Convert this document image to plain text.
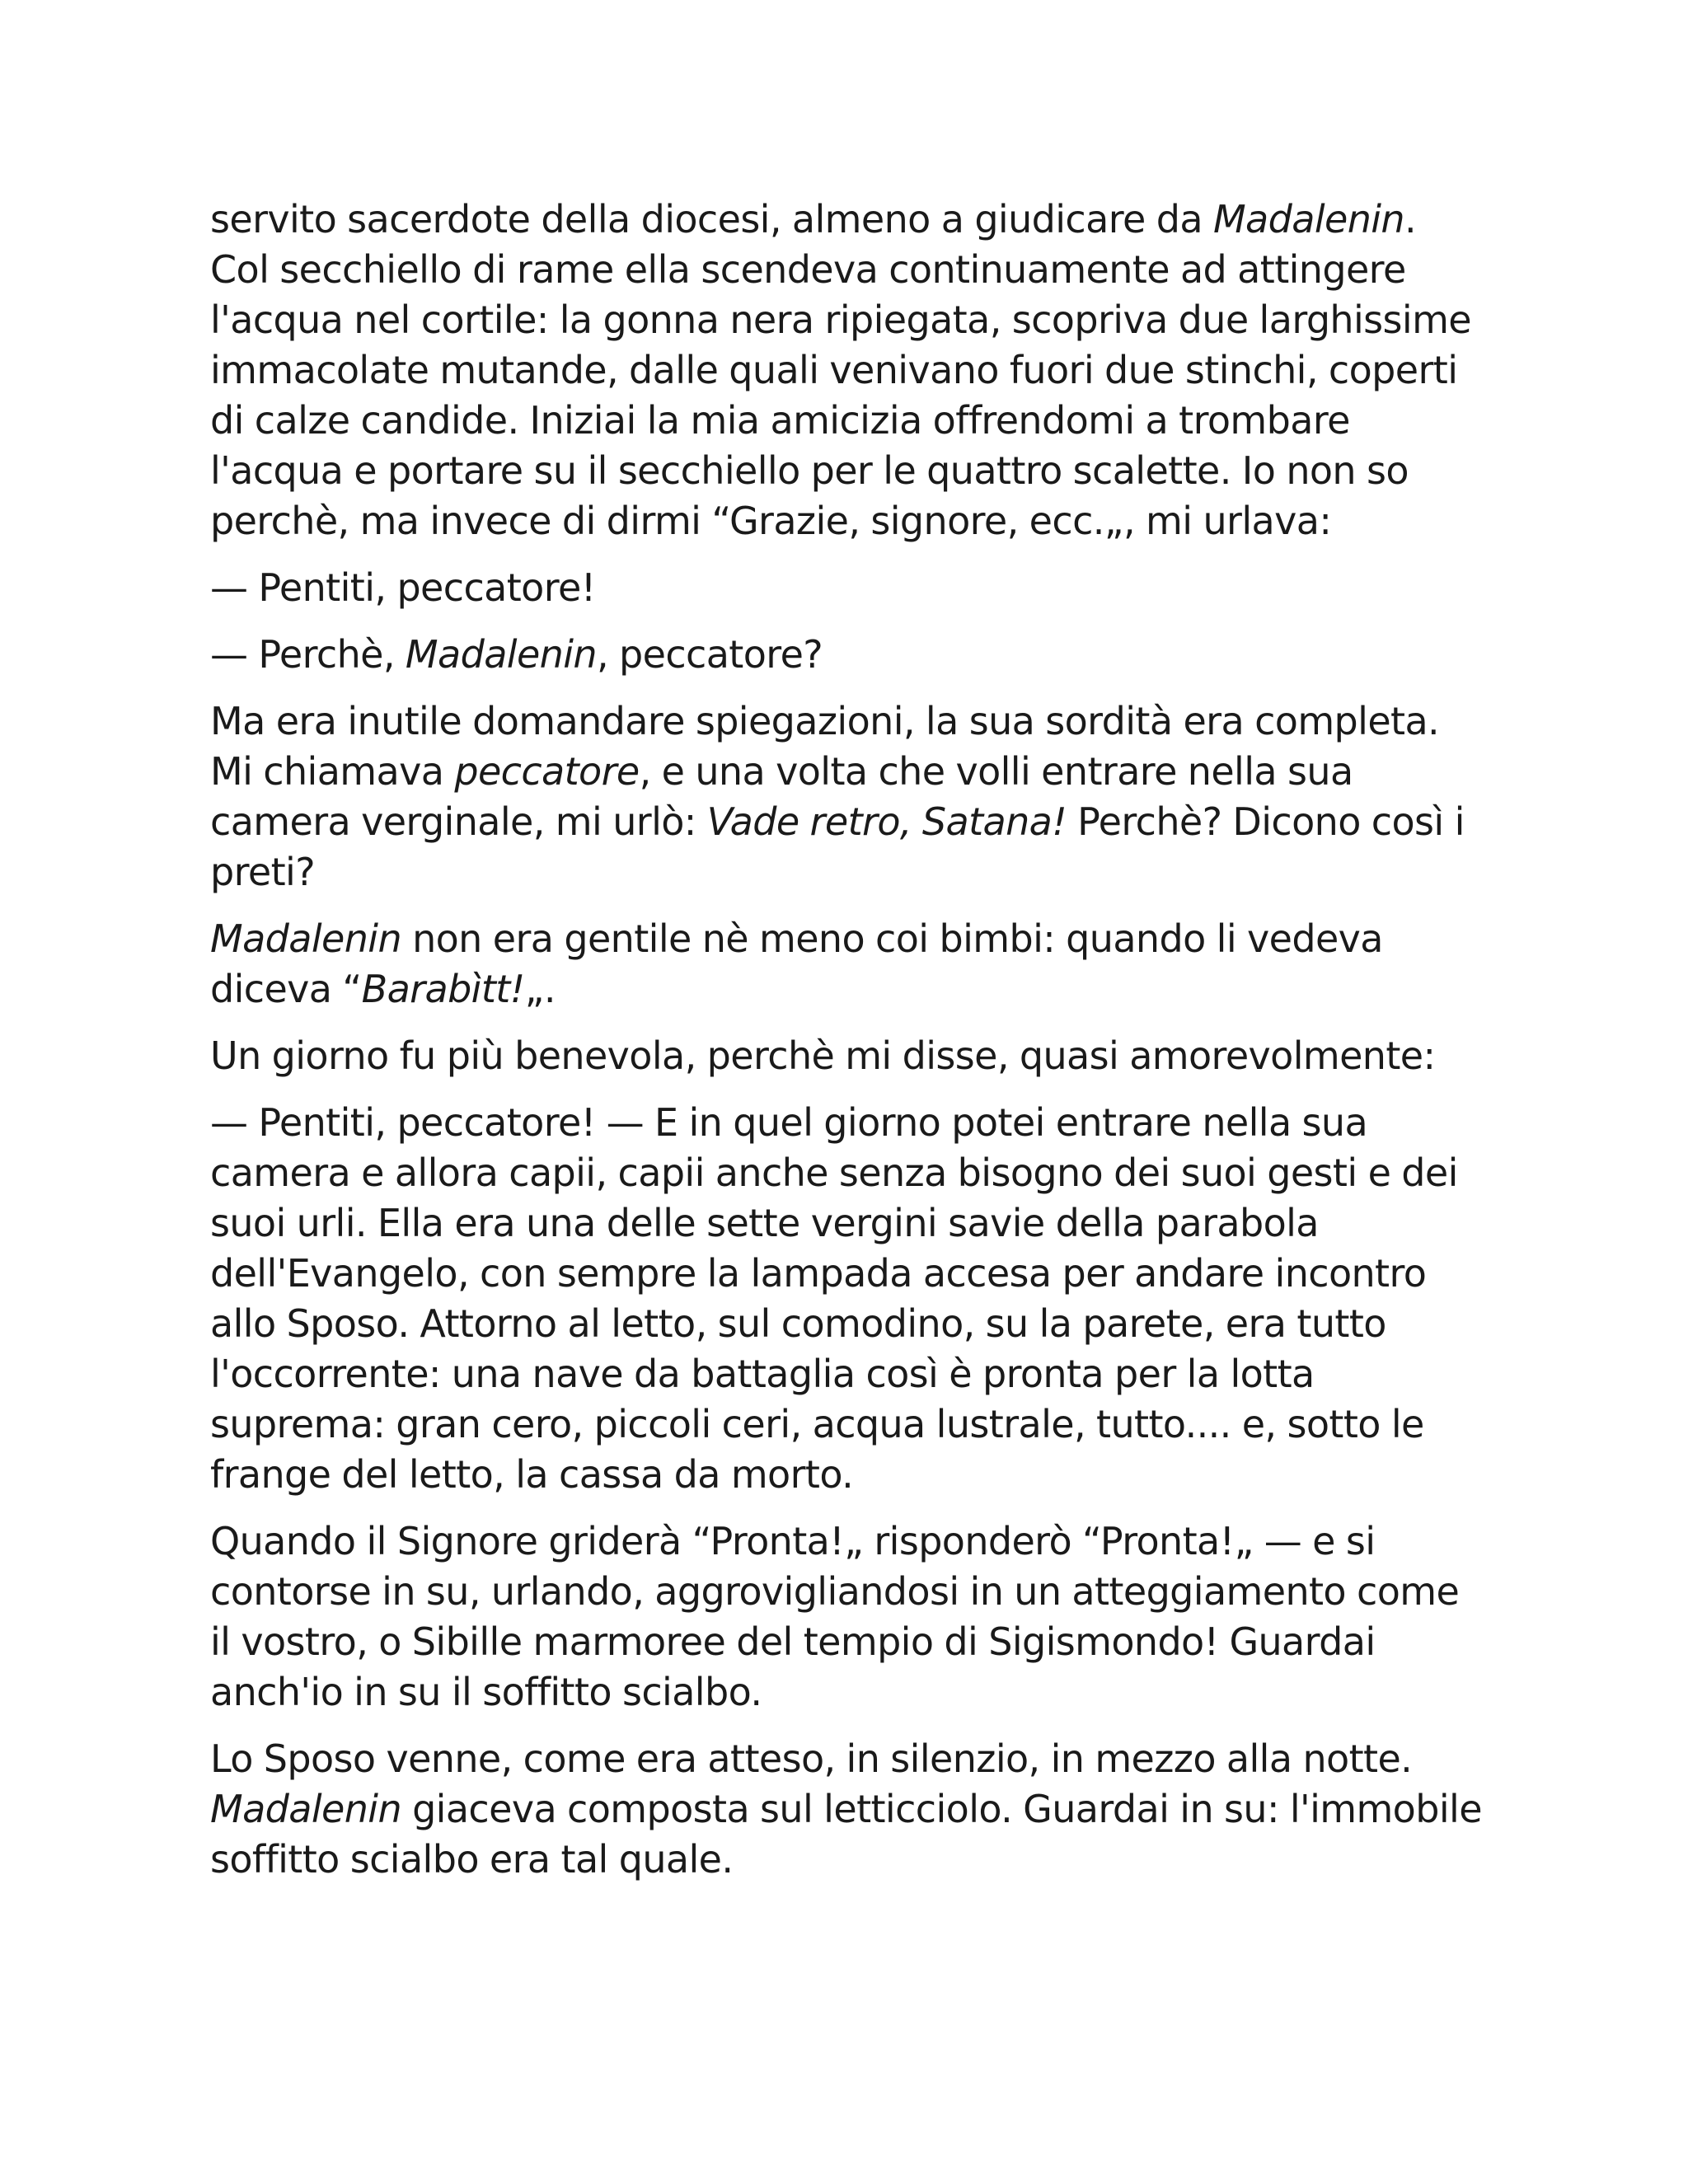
servito sacerdote della diocesi, almeno a giudicare da Madalenin. Col secchiello di rame ella scendeva continuamente ad attingere l'acqua nel cortile: la gonna nera ripiegata, scopriva due larghissime immacolate mutande, dalle quali venivano fuori due stinchi, coperti di calze candide. Iniziai la mia amicizia offrendomi a trombare l'acqua e portare su il secchiello per le quattro scalette. Io non so perchè, ma invece di dirmi “Grazie, signore, ecc.„, mi urlava:

— Pentiti, peccatore!

— Perchè, Madalenin, peccatore?

Ma era inutile domandare spiegazioni, la sua sordità era completa. Mi chiamava peccatore, e una volta che volli entrare nella sua camera verginale, mi urlò: Vade retro, Satana! Perchè? Dicono così i preti?

Madalenin non era gentile nè meno coi bimbi: quando li vedeva diceva “Barabìtt!„.

Un giorno fu più benevola, perchè mi disse, quasi amorevolmente:

— Pentiti, peccatore! — E in quel giorno potei entrare nella sua camera e allora capii, capii anche senza bisogno dei suoi gesti e dei suoi urli. Ella era una delle sette vergini savie della parabola dell'Evangelo, con sempre la lampada accesa per andare incontro allo Sposo. Attorno al letto, sul comodino, su la parete, era tutto l'occorrente: una nave da battaglia così è pronta per la lotta suprema: gran cero, piccoli ceri, acqua lustrale, tutto.... e, sotto le frange del letto, la cassa da morto.

Quando il Signore griderà “Pronta!„ risponderò “Pronta!„ — e si contorse in su, urlando, aggrovigliandosi in un atteggiamento come il vostro, o Sibille marmoree del tempio di Sigismondo! Guardai anch'io in su il soffitto scialbo.

Lo Sposo venne, come era atteso, in silenzio, in mezzo alla notte. Madalenin giaceva composta sul letticciolo. Guardai in su: l'immobile soffitto scialbo era tal quale.
